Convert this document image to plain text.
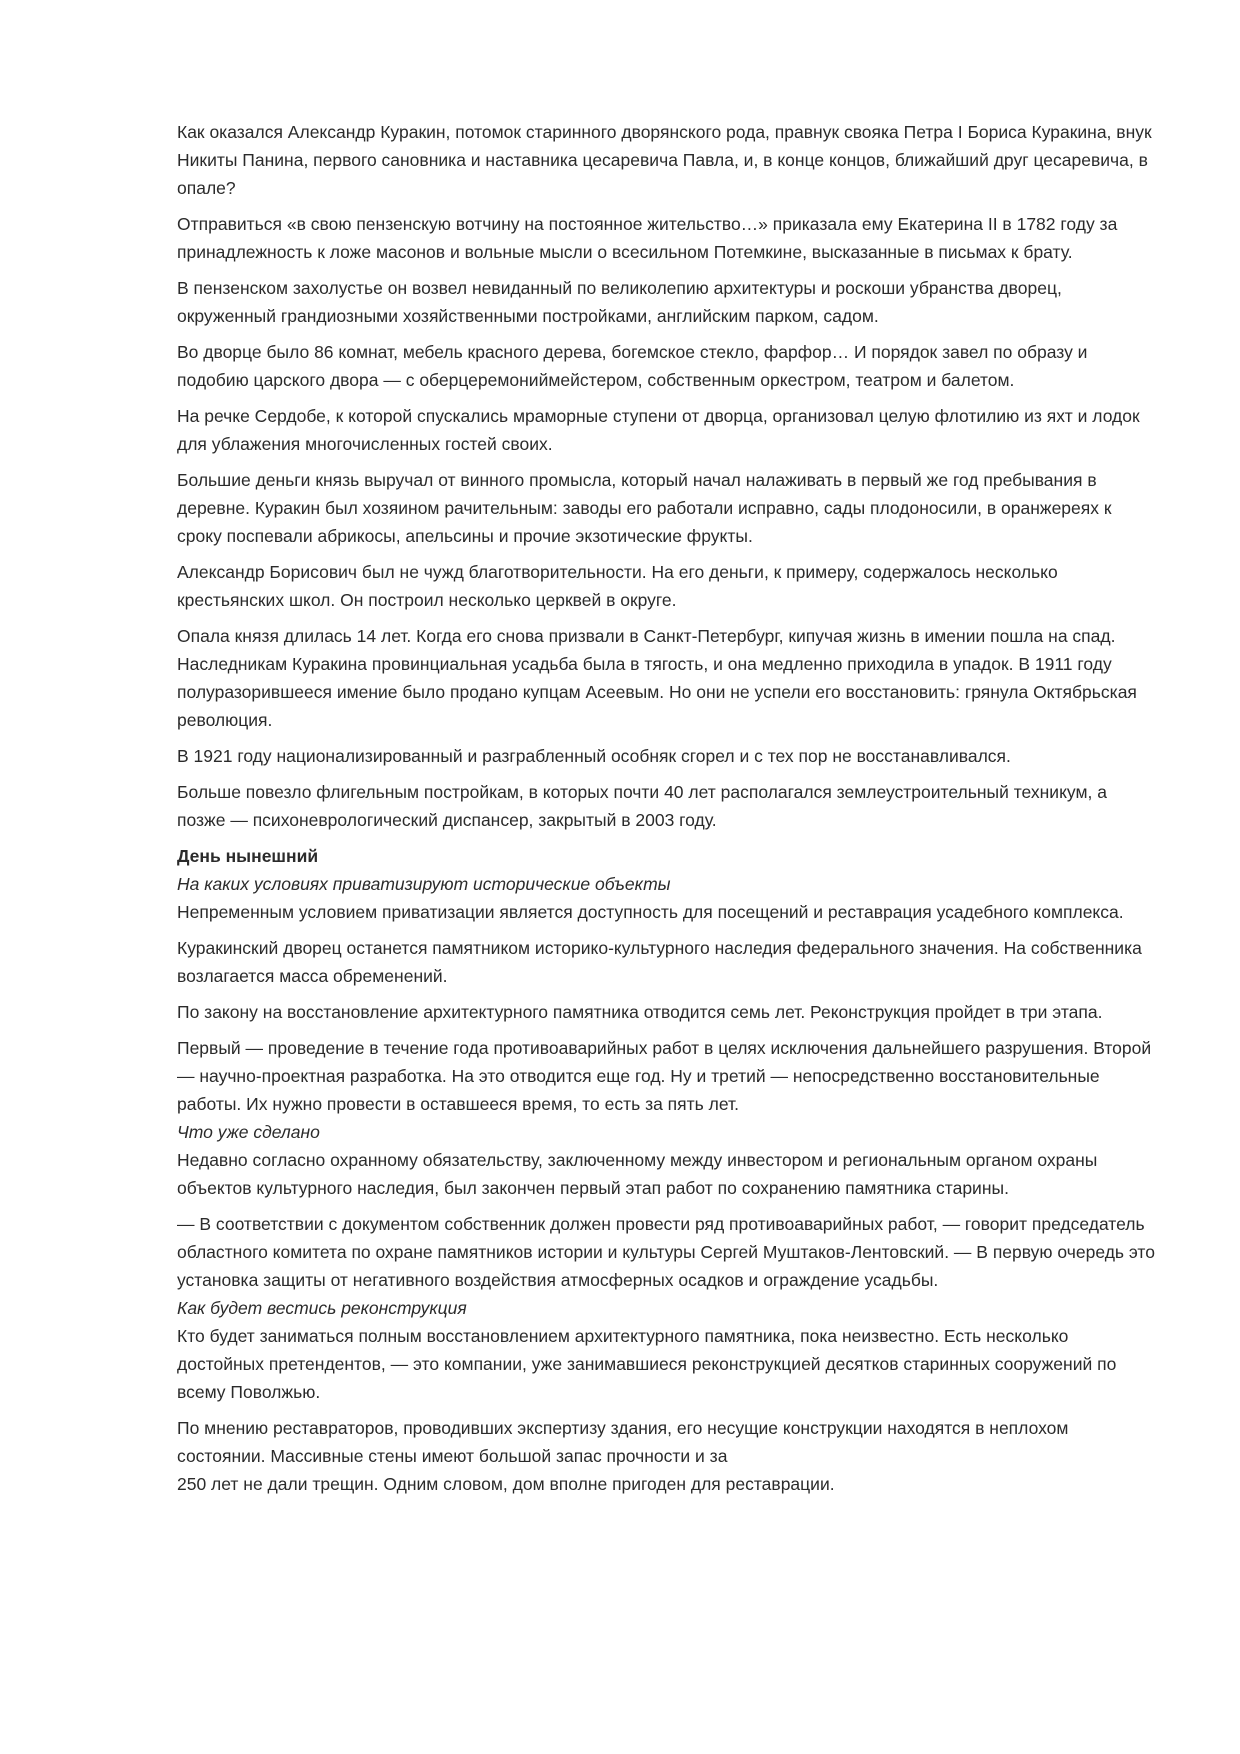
Как оказался Александр Куракин, потомок старинного дворянского рода, правнук свояка Петра I Бориса Куракина, внук Никиты Панина, первого сановника и наставника цесаревича Павла, и, в конце концов, ближайший друг цесаревича, в опале?

Отправиться «в свою пензенскую вотчину на постоянное жительство…» приказала ему Екатерина II в 1782 году за принадлежность к ложе масонов и вольные мысли о всесильном Потемкине, высказанные в письмах к брату.

В пензенском захолустье он возвел невиданный по великолепию архитектуры и роскоши убранства дворец, окруженный грандиозными хозяйственными постройками, английским парком, садом.

Во дворце было 86 комнат, мебель красного дерева, богемское стекло, фарфор… И порядок завел по образу и подобию царского двора — с оберцеремониймейстером, собственным оркестром, театром и балетом.

На речке Сердобе, к которой спускались мраморные ступени от дворца, организовал целую флотилию из яхт и лодок для ублажения многочисленных гостей своих.

Большие деньги князь выручал от винного промысла, который начал налаживать в первый же год пребывания в деревне. Куракин был хозяином рачительным: заводы его работали исправно, сады плодоносили, в оранжереях к сроку поспевали абрикосы, апельсины и прочие экзотические фрукты.

Александр Борисович был не чужд благотворительности. На его деньги, к примеру, содержалось несколько крестьянских школ. Он построил несколько церквей в округе.

Опала князя длилась 14 лет. Когда его снова призвали в Санкт-Петербург, кипучая жизнь в имении пошла на спад. Наследникам Куракина провинциальная усадьба была в тягость, и она медленно приходила в упадок. В 1911 году полуразорившееся имение было продано купцам Асеевым. Но они не успели его восстановить: грянула Октябрьская революция.

В 1921 году национализированный и разграбленный особняк сгорел и с тех пор не восстанавливался.

Больше повезло флигельным постройкам, в которых почти 40 лет располагался землеустроительный техникум, а позже — психоневрологический диспансер, закрытый в 2003 году.

День нынешний

На каких условиях приватизируют исторические объекты

Непременным условием приватизации является доступность для посещений и реставрация усадебного комплекса.

Куракинский дворец останется памятником историко-культурного наследия федерального значения. На собственника возлагается масса обременений.

По закону на восстановление архитектурного памятника отводится семь лет. Реконструкция пройдет в три этапа.

Первый — проведение в течение года противоаварийных работ в целях исключения дальнейшего разрушения. Второй — научно-проектная разработка. На это отводится еще год. Ну и третий — непосредственно восстановительные работы. Их нужно провести в оставшееся время, то есть за пять лет.

Что уже сделано

Недавно согласно охранному обязательству, заключенному между инвестором и региональным органом охраны объектов культурного наследия, был закончен первый этап работ по сохранению памятника старины.

— В соответствии с документом собственник должен провести ряд противоаварийных работ, — говорит председатель областного комитета по охране памятников истории и культуры Сергей Муштаков-Лентовский. — В первую очередь это установка защиты от негативного воздействия атмосферных осадков и ограждение усадьбы.

Как будет вестись реконструкция

Кто будет заниматься полным восстановлением архитектурного памятника, пока неизвестно. Есть несколько достойных претендентов, — это компании, уже занимавшиеся реконструкцией десятков старинных сооружений по всему Поволжью.

По мнению реставраторов, проводивших экспертизу здания, его несущие конструкции находятся в неплохом состоянии. Массивные стены имеют большой запас прочности и за

250 лет не дали трещин. Одним словом, дом вполне пригоден для реставрации.
